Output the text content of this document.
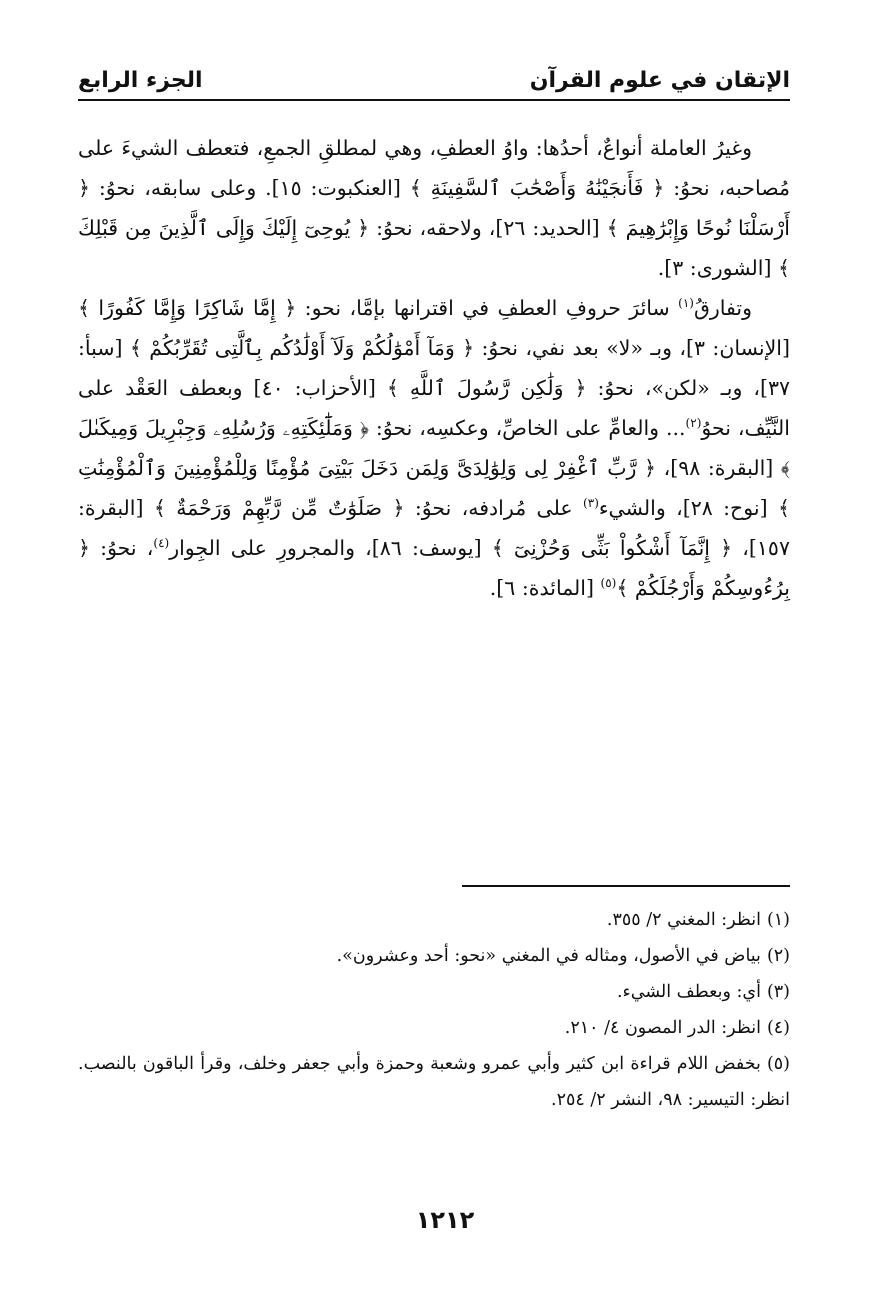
الإتقان في علوم القرآن
الجزء الرابع

وغيرُ العاملة أنواعٌ، أحدُها: واوُ العطفِ، وهي لمطلقِ الجمعِ، فتعطف الشيءَ على مُصاحبه، نحوُ: ﴿ فَأَنجَيْنَٰهُ وَأَصْحَٰبَ ٱلسَّفِينَةِ ﴾ [العنكبوت: ١٥]. وعلى سابقه، نحوُ: ﴿ أَرْسَلْنَا نُوحًا وَإِبْرَٰهِيمَ ﴾ [الحديد: ٢٦]، ولاحقه، نحوُ: ﴿ يُوحِىٓ إِلَيْكَ وَإِلَى ٱلَّذِينَ مِن قَبْلِكَ ﴾ [الشورى: ٣].

وتفارقُ$^{(١)}$ سائرَ حروفِ العطفِ في اقترانها بإمَّا، نحو: ﴿ إِمَّا شَاكِرًا وَإِمَّا كَفُورًا ﴾ [الإنسان: ٣]، وبـ «لا» بعد نفي، نحوُ: ﴿ وَمَآ أَمْوَٰلُكُمْ وَلَآ أَوْلَٰدُكُم بِٱلَّتِى تُقَرِّبُكُمْ ﴾ [سبأ: ٣٧]، وبـ «لكن»، نحوُ: ﴿ وَلَٰكِن رَّسُولَ ٱللَّهِ ﴾ [الأحزاب: ٤٠] وبعطف العَقْد على النَّيِّف، نحوُ$^{(٢)}$... والعامِّ على الخاصِّ، وعكسِه، نحوُ: ﴿ وَمَلَٰٓئِكَتِهِۦ وَرُسُلِهِۦ وَجِبْرِيلَ وَمِيكَىٰلَ ﴾ [البقرة: ٩٨]، ﴿ رَّبِّ ٱغْفِرْ لِى وَلِوَٰلِدَىَّ وَلِمَن دَخَلَ بَيْتِىَ مُؤْمِنًا وَلِلْمُؤْمِنِينَ وَٱلْمُؤْمِنَٰتِ ﴾ [نوح: ٢٨]، والشيء$^{(٣)}$ على مُرادفه، نحوُ: ﴿ صَلَوَٰتٌ مِّن رَّبِّهِمْ وَرَحْمَةٌ ﴾ [البقرة: ١٥٧]، ﴿ إِنَّمَآ أَشْكُواْ بَثِّى وَحُزْنِىٓ ﴾ [يوسف: ٨٦]، والمجرورِ على الجِوار$^{(٤)}$، نحوُ: ﴿ بِرُءُوسِكُمْ وَأَرْجُلَكُمْ ﴾$^{(٥)}$ [المائدة: ٦].

(١)انظر: المغني ٢/ ٣٥٥.

(٢)بياض في الأصول، ومثاله في المغني «نحو: أحد وعشرون».

(٣)أي: وبعطف الشيء.

(٤)انظر: الدر المصون ٤/ ٢١٠.

(٥)بخفض اللام قراءة ابن كثير وأبي عمرو وشعبة وحمزة وأبي جعفر وخلف، وقرأ الباقون بالنصب. انظر: التيسير: ٩٨، النشر ٢/ ٢٥٤.

١٢١٢
